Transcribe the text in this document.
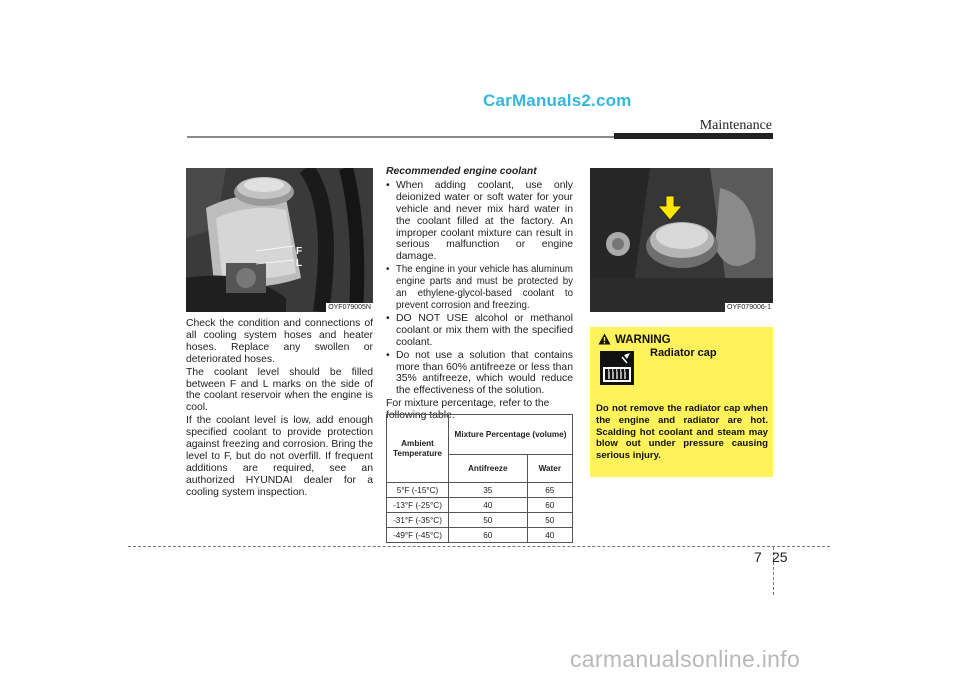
CarManuals2.com
Maintenance
F
L
OYF079005N	OYF079006-1

Check the condition and connections of all cooling system hoses and heater hoses. Replace any swollen or deteriorated hoses.

The coolant level should be filled between F and L marks on the side of the coolant reservoir when the engine is cool.

If the coolant level is low, add enough specified coolant to provide protection against freezing and corrosion. Bring the level to F, but do not overfill. If frequent additions are required, see an authorized HYUNDAI dealer for a cooling system inspection.

Recommended engine coolant
• When adding coolant, use only deionized water or soft water for your vehicle and never mix hard water in the coolant filled at the factory. An improper coolant mixture can result in serious malfunction or engine damage.
• The engine in your vehicle has aluminum engine parts and must be protected by an ethylene-glycol-based coolant to prevent corrosion and freezing.
• DO NOT USE alcohol or methanol coolant or mix them with the specified coolant.
• Do not use a solution that contains more than 60% antifreeze or less than 35% antifreeze, which would reduce the effectiveness of the solution.

For mixture percentage, refer to the following table.

Ambient Temperature	Mixture Percentage (volume)	
	Antifreeze	Water
5°F (-15°C)	35	65
-13°F (-25°C)	40	60
-31°F (-35°C)	50	50
-49°F (-45°C)	60	40
WARNING
Radiator cap
Do not remove the radiator cap when the engine and radiator are hot. Scalding hot coolant and steam may blow out under pressure causing serious injury.
7 25
carmanualsonline.info
